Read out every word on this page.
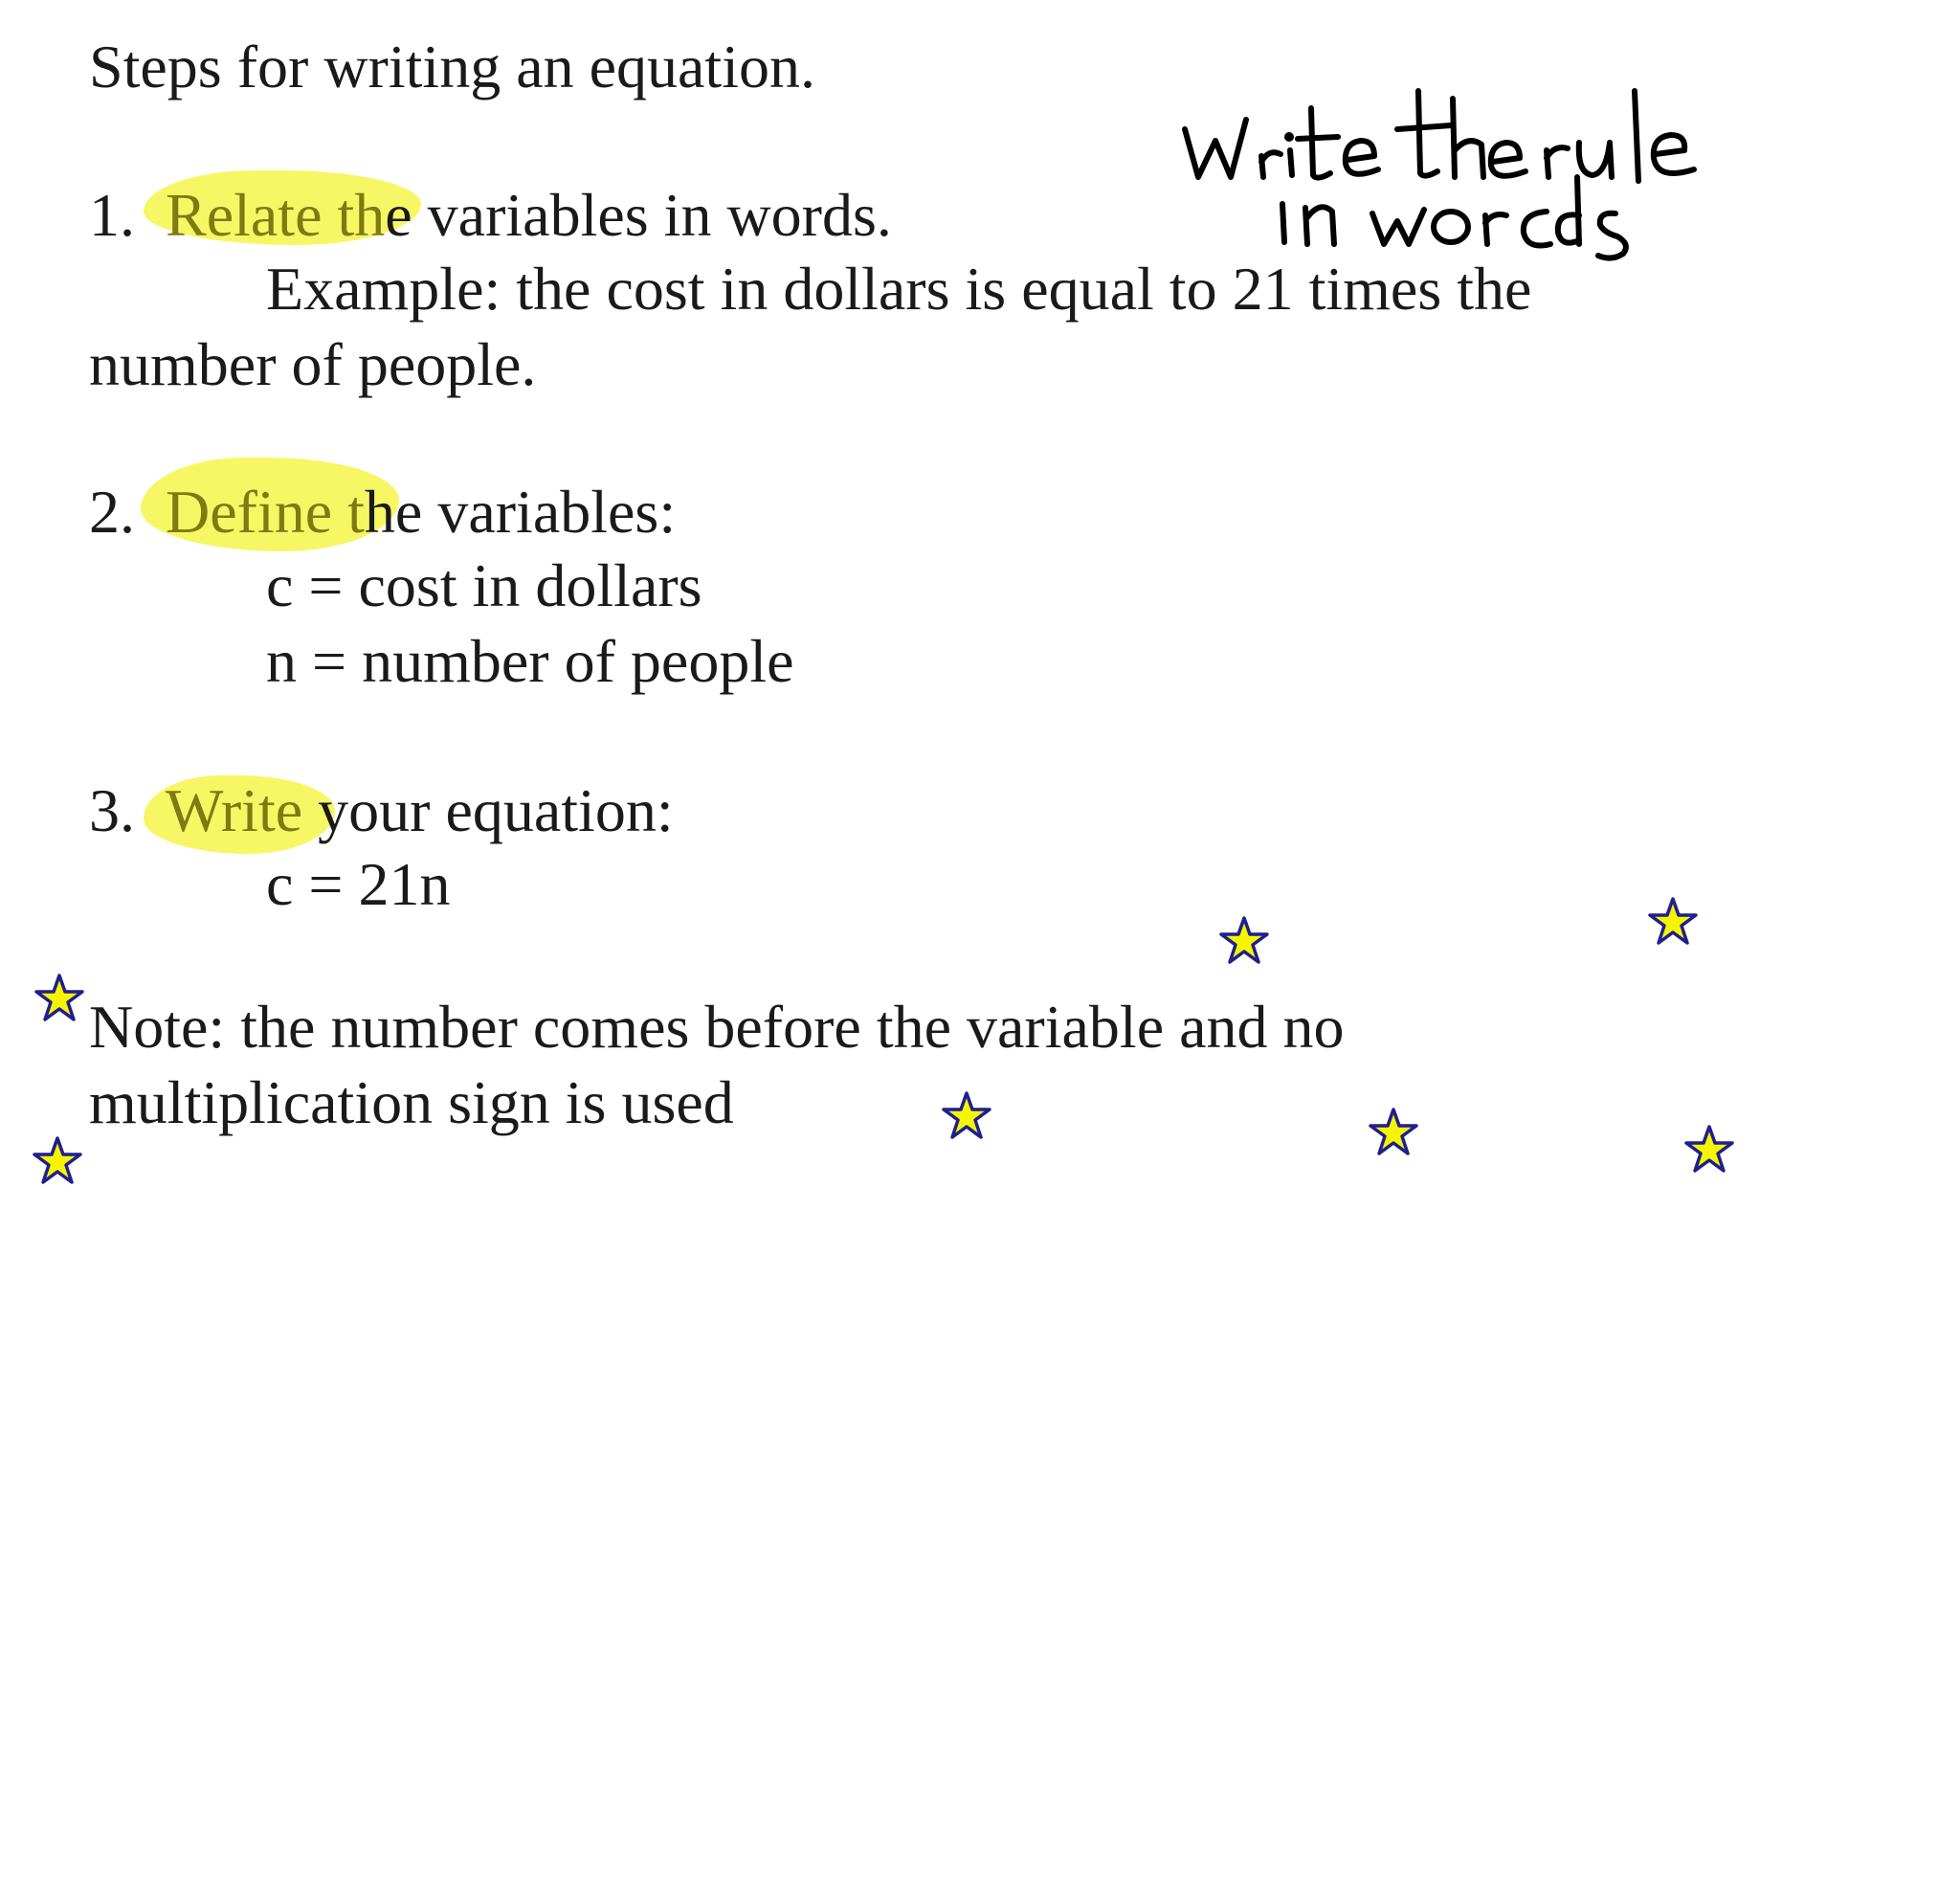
Steps for writing an equation.
1. Relate the variables in words.
Example: the cost in dollars is equal to 21 times the
number of people.
2. Define the variables:
c = cost in dollars
n = number of people
3. Write your equation:
c = 21n
Note: the number comes before the variable and no
multiplication sign is used
